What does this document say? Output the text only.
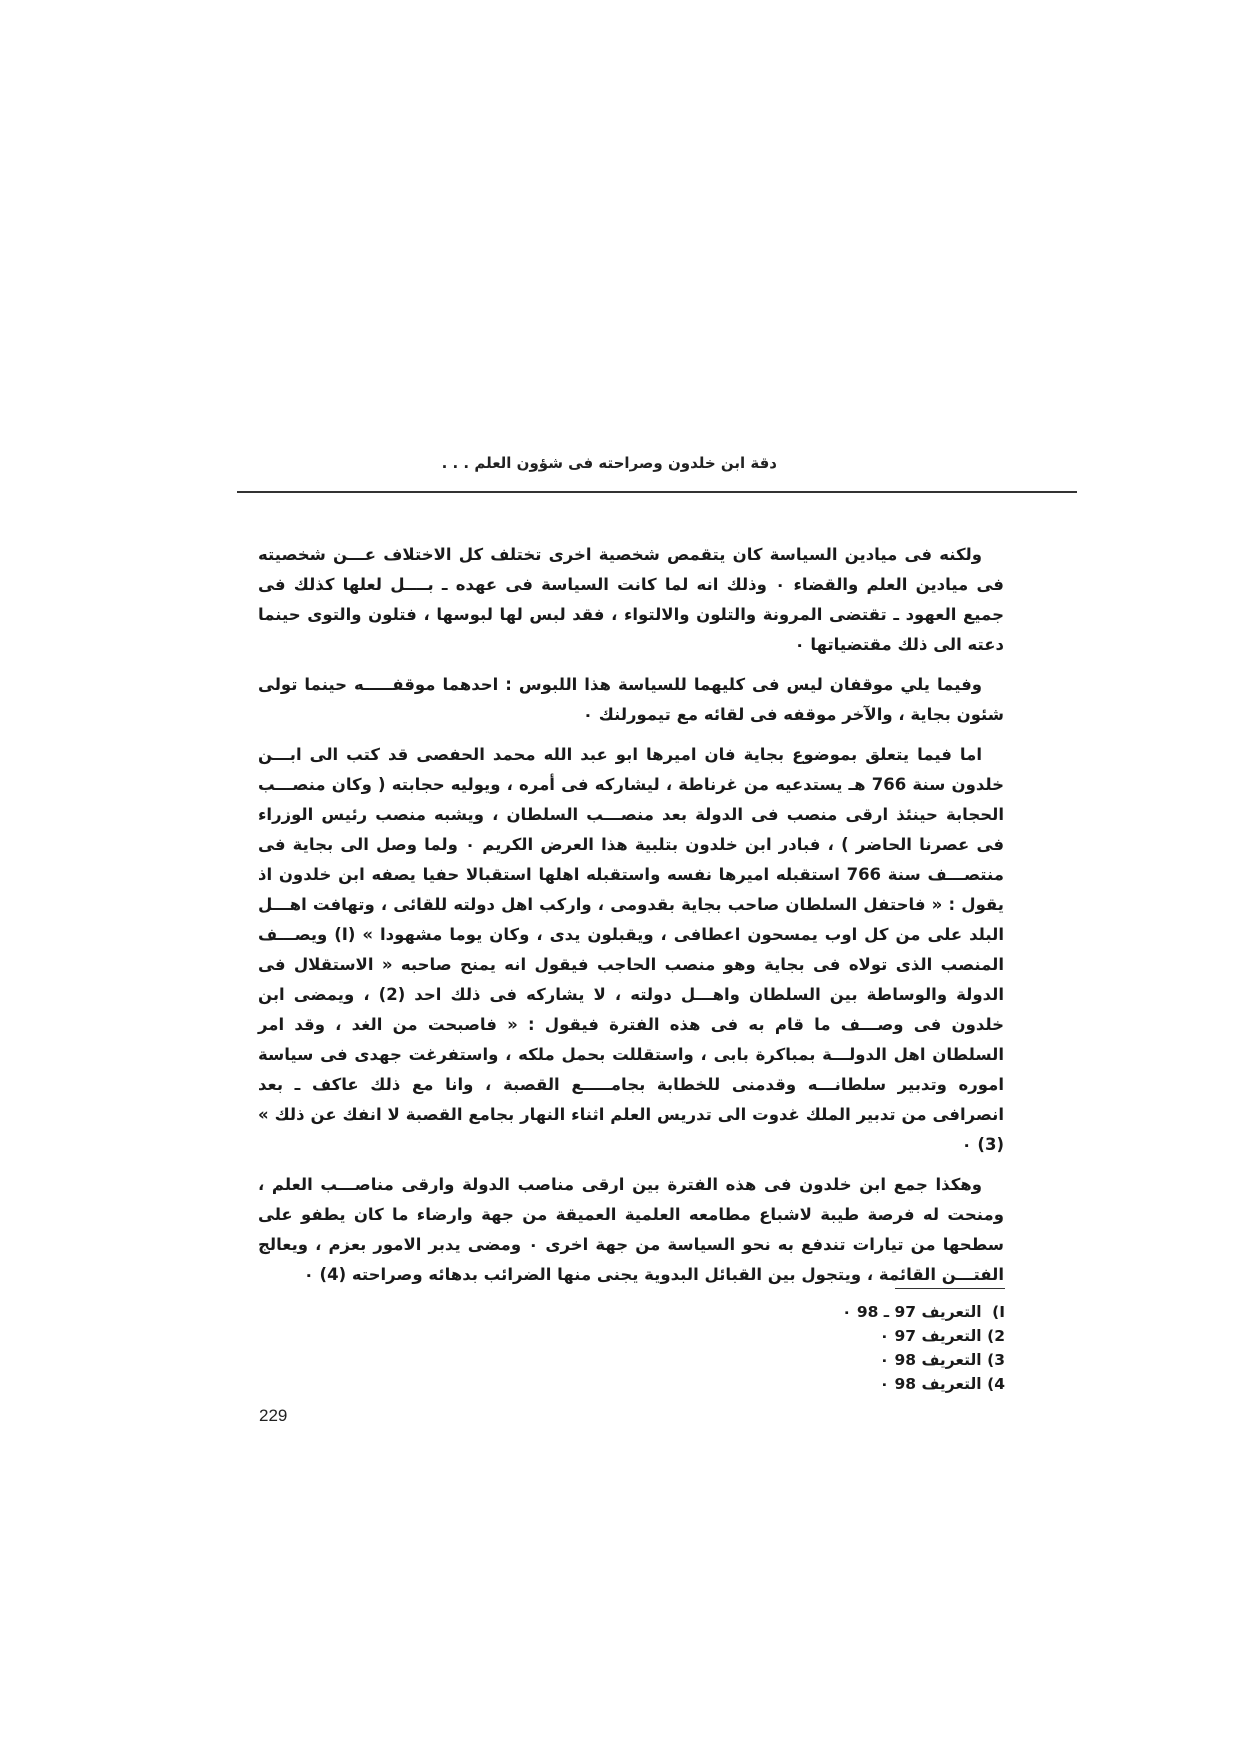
دقة ابن خلدون وصراحته فى شؤون العلم . . .

ولكنه فى ميادين السياسة كان يتقمص شخصية اخرى تختلف كل الاختلاف عـــن شخصيته فى ميادين العلم والقضاء ٠ وذلك انه لما كانت السياسة فى عهده ـ بــــل لعلها كذلك فى جميع العهود ـ تقتضى المرونة والتلون والالتواء ، فقد لبس لها لبوسها ، فتلون والتوى حينما دعته الى ذلك مقتضياتها ٠

وفيما يلي موقفان ليس فى كليهما للسياسة هذا اللبوس : احدهما موقفـــــه حينما تولى شئون بجاية ، والآخر موقفه فى لقائه مع تيمورلنك ٠

اما فيما يتعلق بموضوع بجاية فان اميرها ابو عبد الله محمد الحفصى قد كتب الى ابـــن خلدون سنة 766 هـ يستدعيه من غرناطة ، ليشاركه فى أمره ، ويوليه حجابته ( وكان منصـــب الحجابة حينئذ ارقى منصب فى الدولة بعد منصـــب السلطان ، ويشبه منصب رئيس الوزراء فى عصرنا الحاضر ) ، فبادر ابن خلدون بتلبية هذا العرض الكريم ٠ ولما وصل الى بجاية فى منتصـــف سنة 766 استقبله اميرها نفسه واستقبله اهلها استقبالا حفيا يصفه ابن خلدون اذ يقول : « فاحتفل السلطان صاحب بجاية بقدومى ، واركب اهل دولته للقائى ، وتهافت اهـــل البلد على من كل اوب يمسحون اعطافى ، ويقبلون يدى ، وكان يوما مشهودا » (I) ويصـــف المنصب الذى تولاه فى بجاية وهو منصب الحاجب فيقول انه يمنح صاحبه « الاستقلال فى الدولة والوساطة بين السلطان واهـــل دولته ، لا يشاركه فى ذلك احد (2) ، ويمضى ابن خلدون فى وصـــف ما قام به فى هذه الفترة فيقول : « فاصبحت من الغد ، وقد امر السلطان اهل الدولـــة بمباكرة بابى ، واستقللت بحمل ملكه ، واستفرغت جهدى فى سياسة اموره وتدبير سلطانـــه وقدمنى للخطابة بجامـــــع القصبة ، وانا مع ذلك عاكف ـ بعد انصرافى من تدبير الملك غدوت الى تدريس العلم اثناء النهار بجامع القصبة لا انفك عن ذلك » (3) ٠

وهكذا جمع ابن خلدون فى هذه الفترة بين ارقى مناصب الدولة وارقى مناصـــب العلم ، ومنحت له فرصة طيبة لاشباع مطامعه العلمية العميقة من جهة وارضاء ما كان يطفو على سطحها من تيارات تندفع به نحو السياسة من جهة اخرى ٠ ومضى يدبر الامور بعزم ، ويعالج الفتـــن القائمة ، ويتجول بين القبائل البدوية يجنى منها الضرائب بدهائه وصراحته (4) ٠

I) التعريف 97 ـ 98 ٠
2) التعريف 97 ٠
3) التعريف 98 ٠
4) التعريف 98 ٠
229
